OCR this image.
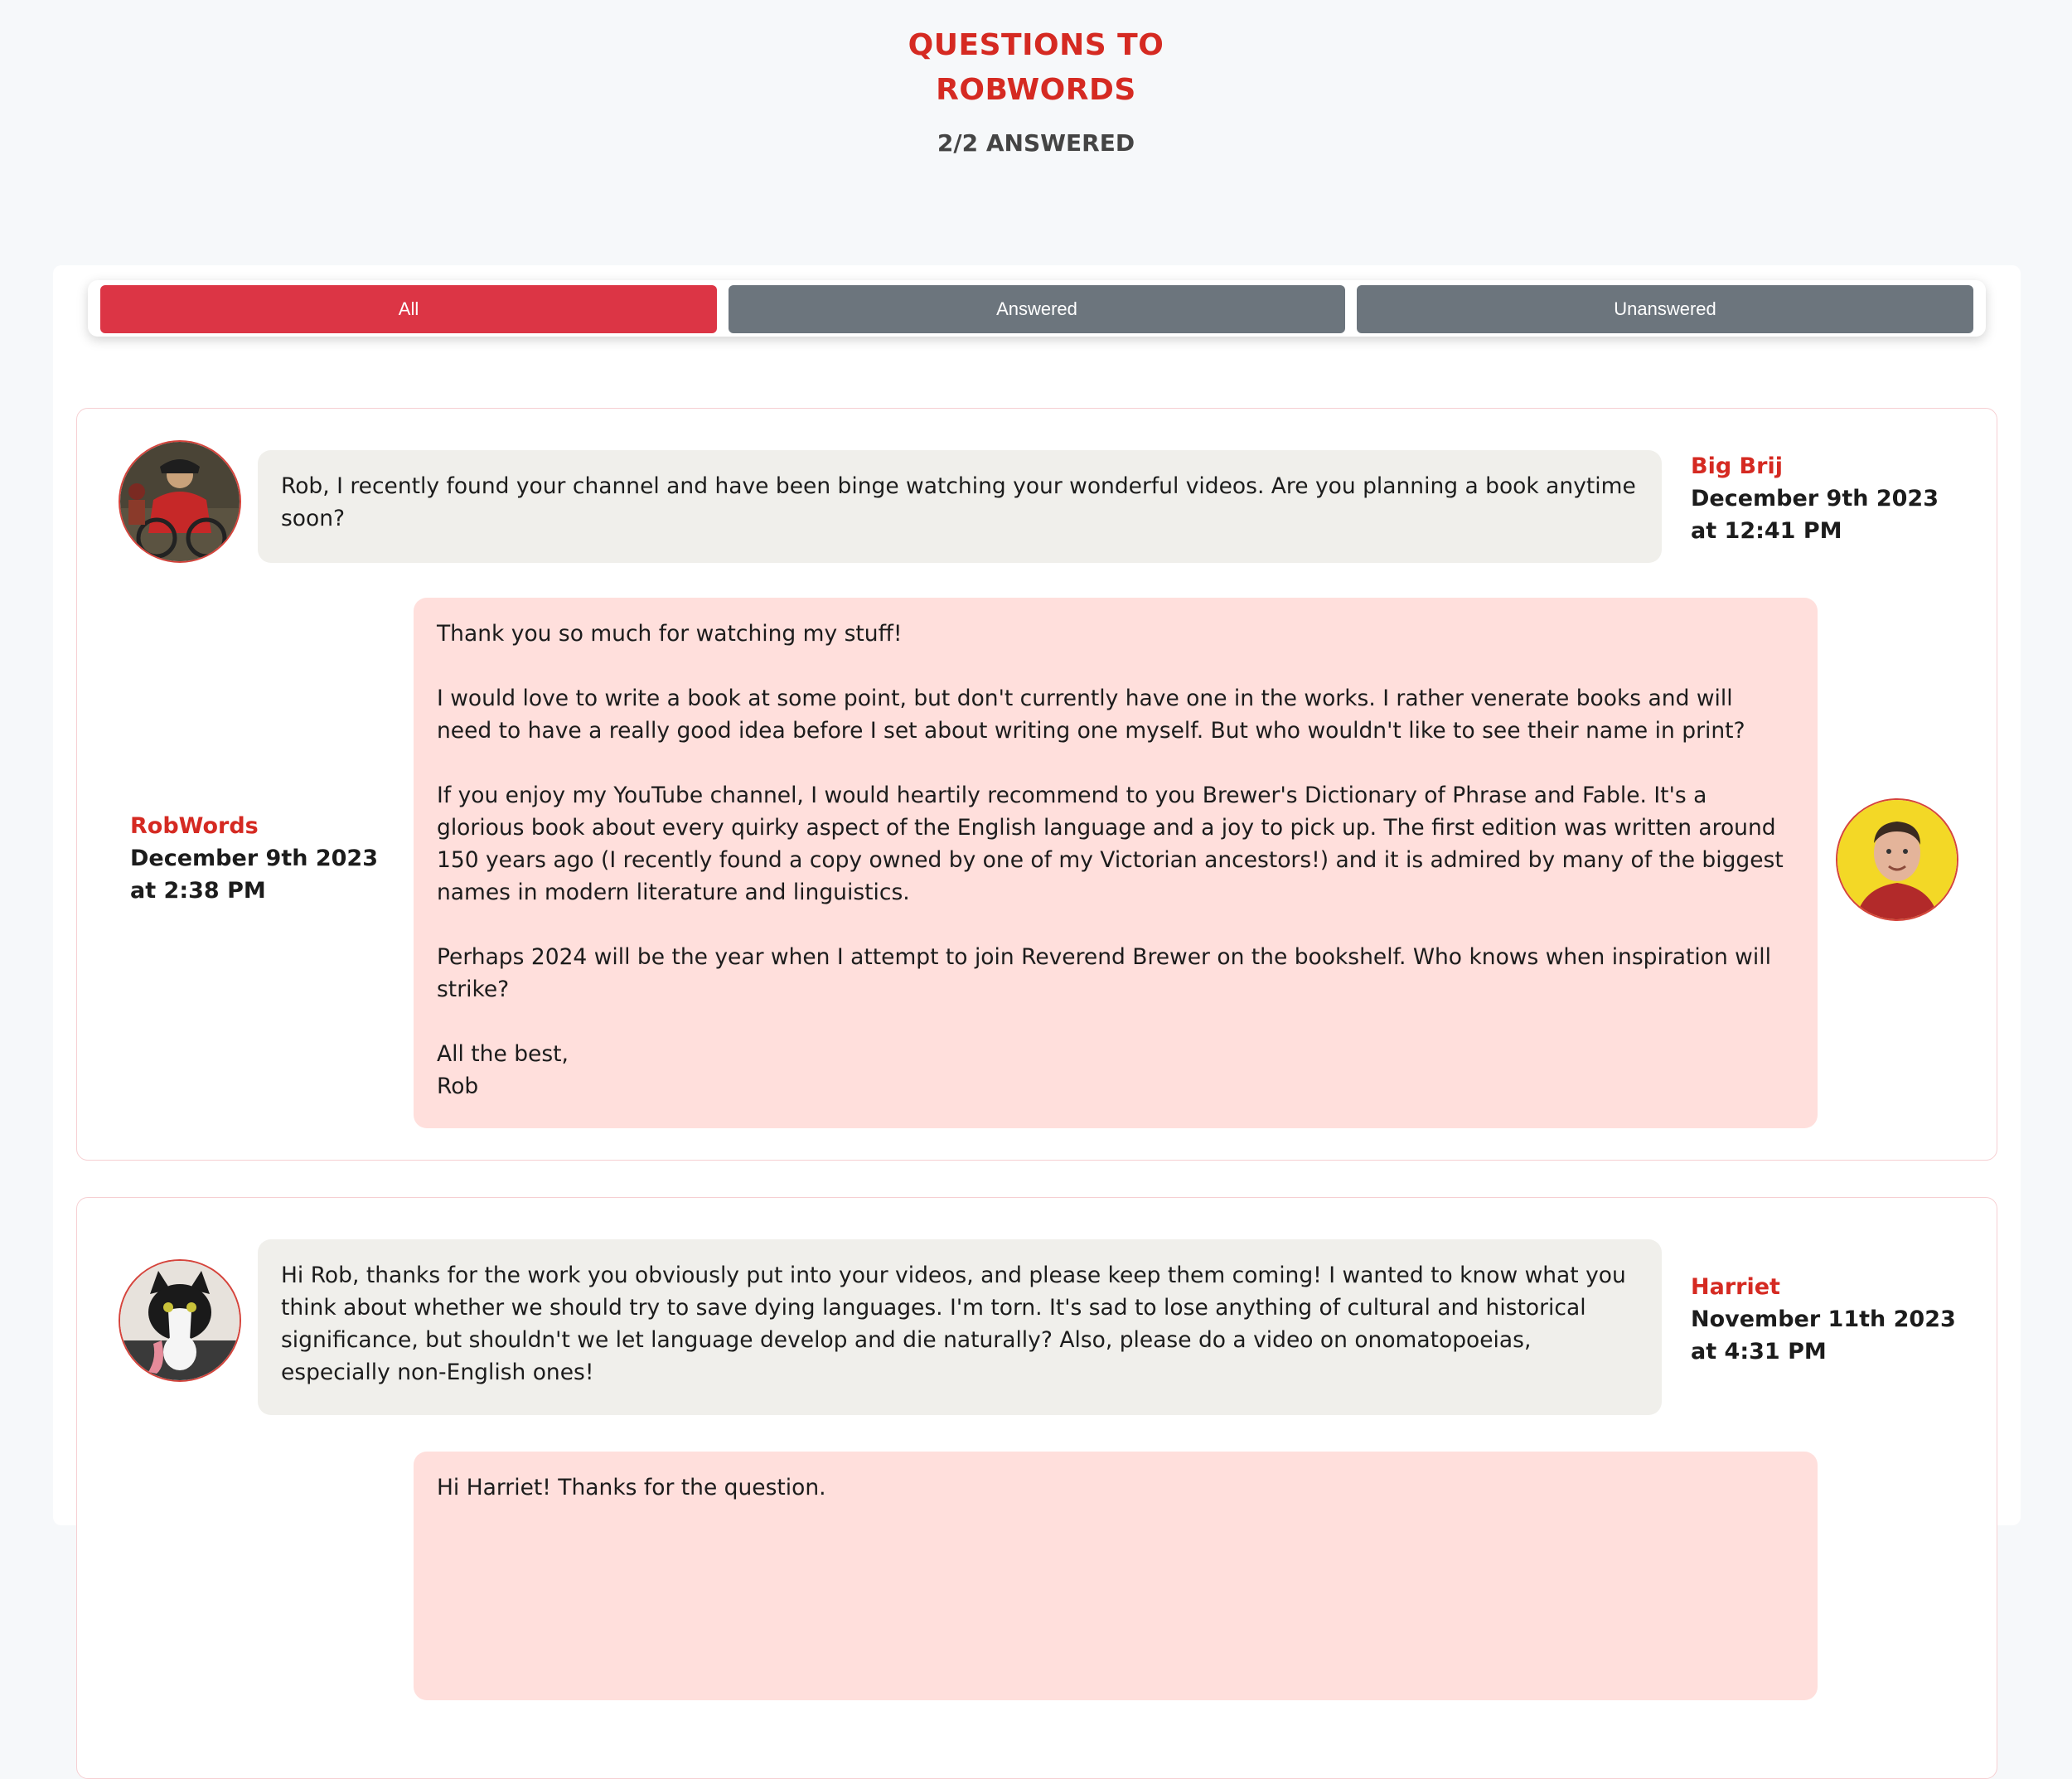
QUESTIONS TO ROBWORDS
2/2 ANSWERED
All	Answered	Unanswered
Rob, I recently found your channel and have been binge watching your wonderful videos. Are you planning a book anytime soon?
Big Brij
December 9th 2023
at 12:41 PM
RobWords
December 9th 2023
at 2:38 PM
Thank you so much for watching my stuff!

I would love to write a book at some point, but don't currently have one in the works. I rather venerate books and will need to have a really good idea before I set about writing one myself. But who wouldn't like to see their name in print?

If you enjoy my YouTube channel, I would heartily recommend to you Brewer's Dictionary of Phrase and Fable. It's a glorious book about every quirky aspect of the English language and a joy to pick up. The first edition was written around 150 years ago (I recently found a copy owned by one of my Victorian ancestors!) and it is admired by many of the biggest names in modern literature and linguistics.

Perhaps 2024 will be the year when I attempt to join Reverend Brewer on the bookshelf. Who knows when inspiration will strike?

All the best,
Rob
Hi Rob, thanks for the work you obviously put into your videos, and please keep them coming! I wanted to know what you think about whether we should try to save dying languages. I'm torn. It's sad to lose anything of cultural and historical significance, but shouldn't we let language develop and die naturally? Also, please do a video on onomatopoeias, especially non-English ones!
Harriet
November 11th 2023
at 4:31 PM
Hi Harriet! Thanks for the question.
